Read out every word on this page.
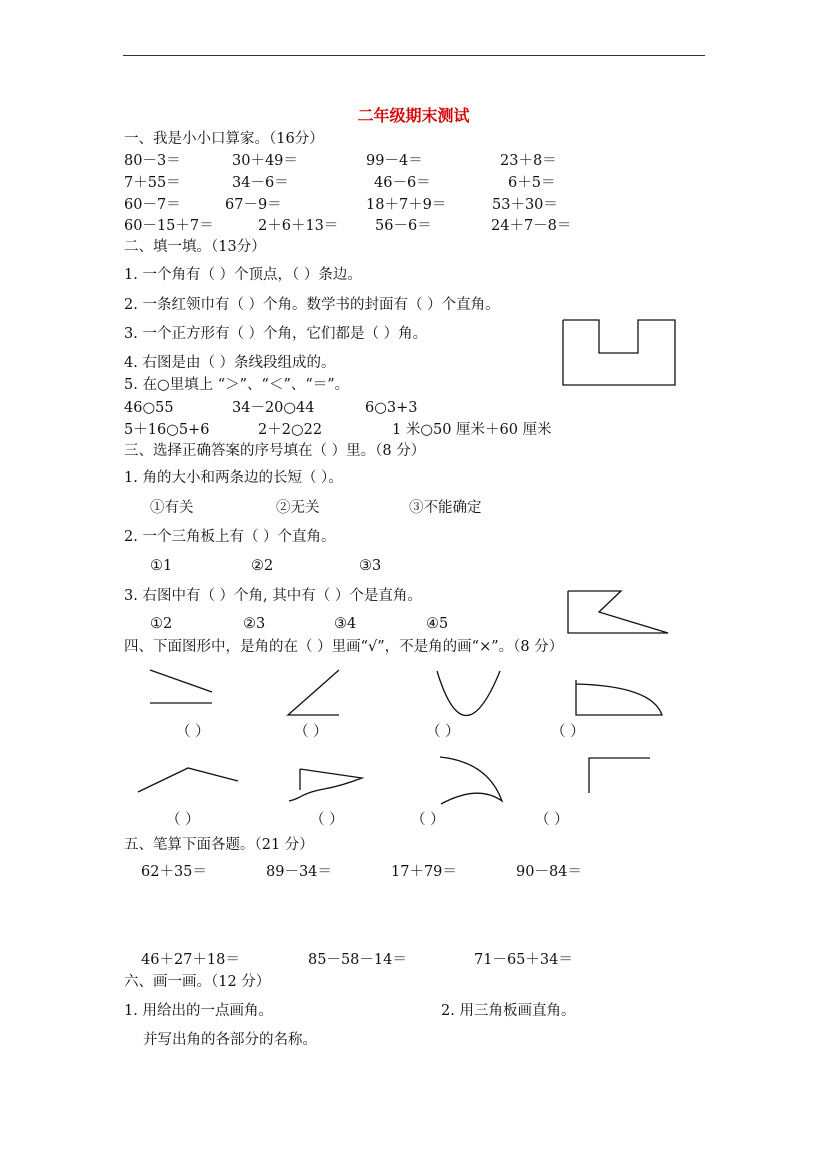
二年级期末测试
一、我是小小口算家。（16分）
80－3＝	30＋49＝	99－4＝	23＋8＝
7＋55＝	34－6＝	46－6＝	6＋5＝
60－7＝	67－9＝	18＋7＋9＝	53＋30＝
60－15＋7＝	2＋6＋13＝	56－6＝	24＋7－8＝
二、填一填。（13分）
1. 一个角有（ ）个顶点，（ ）条边。
2. 一条红领巾有（ ）个角。数学书的封面有（ ）个直角。
3. 一个正方形有（ ）个角，它们都是（ ）角。
4. 右图是由（ ）条线段组成的。
5. 在○里填上 “＞”、“＜”、“＝”。
46○55	34－20○44	6○3+3
5＋16○5+6	2＋2○22	1 米○50 厘米＋60 厘米
三、选择正确答案的序号填在（ ）里。（8 分）
1. 角的大小和两条边的长短（ ）。
①有关	②无关	③不能确定
2. 一个三角板上有（ ）个直角。
①1	②2	③3
3. 右图中有（ ）个角, 其中有（ ）个是直角。
①2	②3	③4	④5
四、下面图形中，是角的在（ ）里画“√”，不是角的画“×”。（8 分）
（ ）	（ ）	（ ）	（ ）
（ ）	（ ）	（ ）	（ ）
五、笔算下面各题。（21 分）
62＋35＝	89－34＝	17＋79＝	90－84＝
46＋27＋18＝	85－58－14＝	71－65＋34＝
六、画一画。（12 分）
1. 用给出的一点画角。	2. 用三角板画直角。
并写出角的各部分的名称。
